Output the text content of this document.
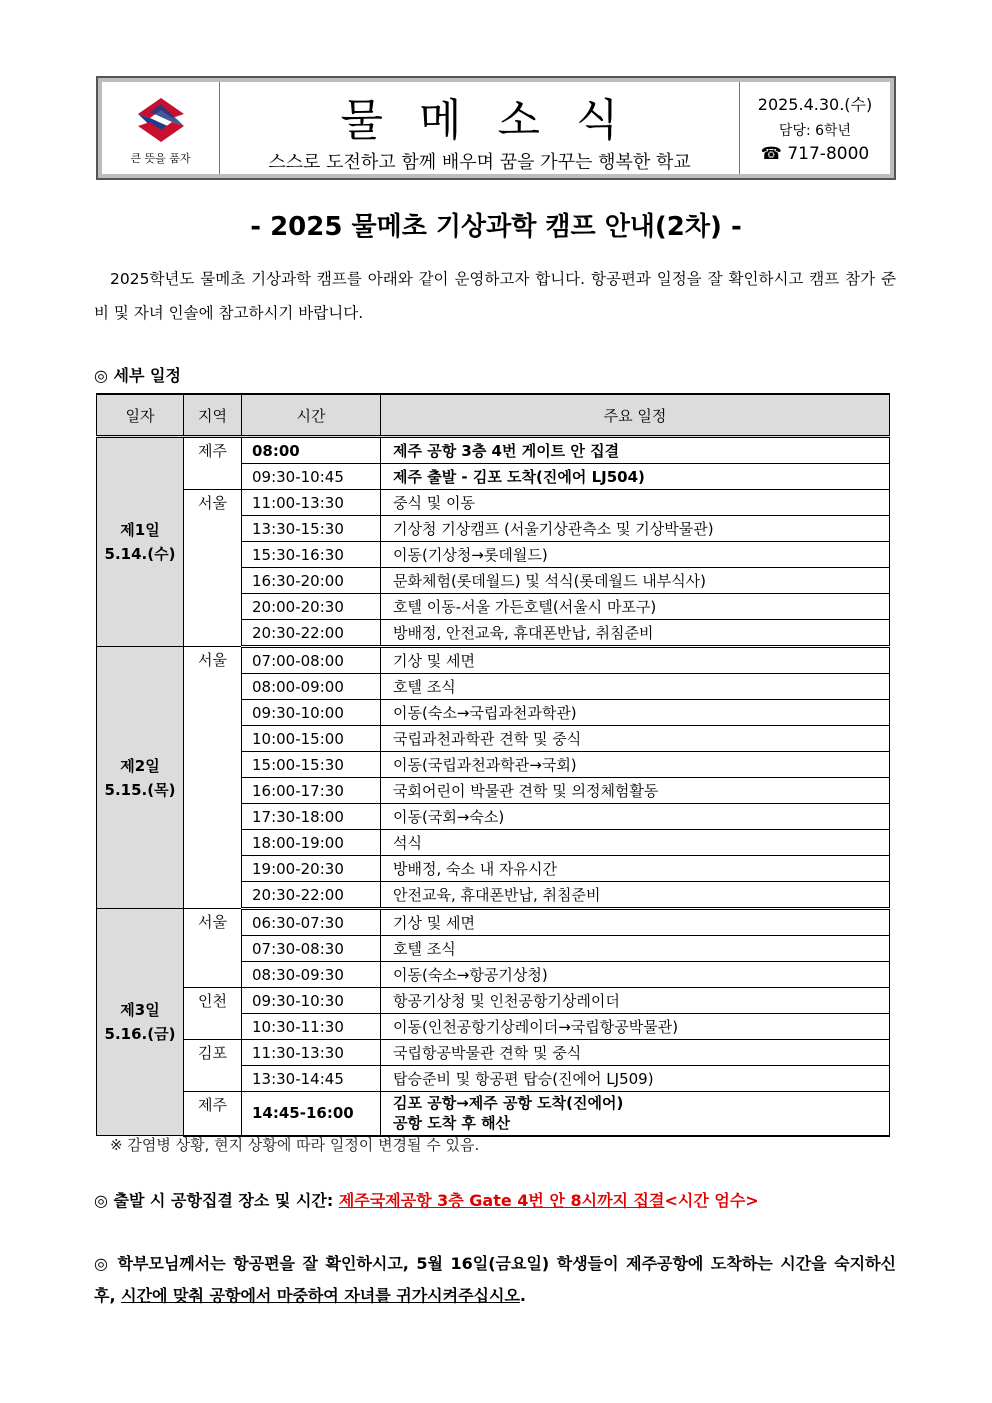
큰 뜻을 품자
물메소식
스스로 도전하고 함께 배우며 꿈을 가꾸는 행복한 학교
2025.4.30.(수)
담당: 6학년
☎ 717-8000
- 2025 물메초 기상과학 캠프 안내(2차) -
2025학년도 물메초 기상과학 캠프를 아래와 같이 운영하고자 합니다. 항공편과 일정을 잘 확인하시고 캠프 참가 준비 및 자녀 인솔에 참고하시기 바랍니다.
◎ 세부 일정
일자	지역	시간	주요 일정
제1일
5.14.(수)	제주	08:00	제주 공항 3층 4번 게이트 안 집결
		09:30-10:45	제주 출발 - 김포 도착(진에어 LJ504)
	서울	11:00-13:30	중식 및 이동
		13:30-15:30	기상청 기상캠프 (서울기상관측소 및 기상박물관)
		15:30-16:30	이동(기상청→롯데월드)
		16:30-20:00	문화체험(롯데월드) 및 석식(롯데월드 내부식사)
		20:00-20:30	호텔 이동-서울 가든호텔(서울시 마포구)
		20:30-22:00	방배정, 안전교육, 휴대폰반납, 취침준비
제2일
5.15.(목)	서울	07:00-08:00	기상 및 세면
		08:00-09:00	호텔 조식
		09:30-10:00	이동(숙소→국립과천과학관)
		10:00-15:00	국립과천과학관 견학 및 중식
		15:00-15:30	이동(국립과천과학관→국회)
		16:00-17:30	국회어린이 박물관 견학 및 의정체험활동
		17:30-18:00	이동(국회→숙소)
		18:00-19:00	석식
		19:00-20:30	방배정, 숙소 내 자유시간
		20:30-22:00	안전교육, 휴대폰반납, 취침준비
제3일
5.16.(금)	서울	06:30-07:30	기상 및 세면
		07:30-08:30	호텔 조식
		08:30-09:30	이동(숙소→항공기상청)
	인천	09:30-10:30	항공기상청 및 인천공항기상레이더
		10:30-11:30	이동(인천공항기상레이더→국립항공박물관)
	김포	11:30-13:30	국립항공박물관 견학 및 중식
		13:30-14:45	탑승준비 및 항공편 탑승(진에어 LJ509)
	제주	14:45-16:00	김포 공항→제주 공항 도착(진에어)
공항 도착 후 해산
※ 감염병 상황, 현지 상황에 따라 일정이 변경될 수 있음.
◎ 출발 시 공항집결 장소 및 시간: 제주국제공항 3층 Gate 4번 안 8시까지 집결<시간 엄수>
◎ 학부모님께서는 항공편을 잘 확인하시고, 5월 16일(금요일) 학생들이 제주공항에 도착하는 시간을 숙지하신 후, 시간에 맞춰 공항에서 마중하여 자녀를 귀가시켜주십시오.
